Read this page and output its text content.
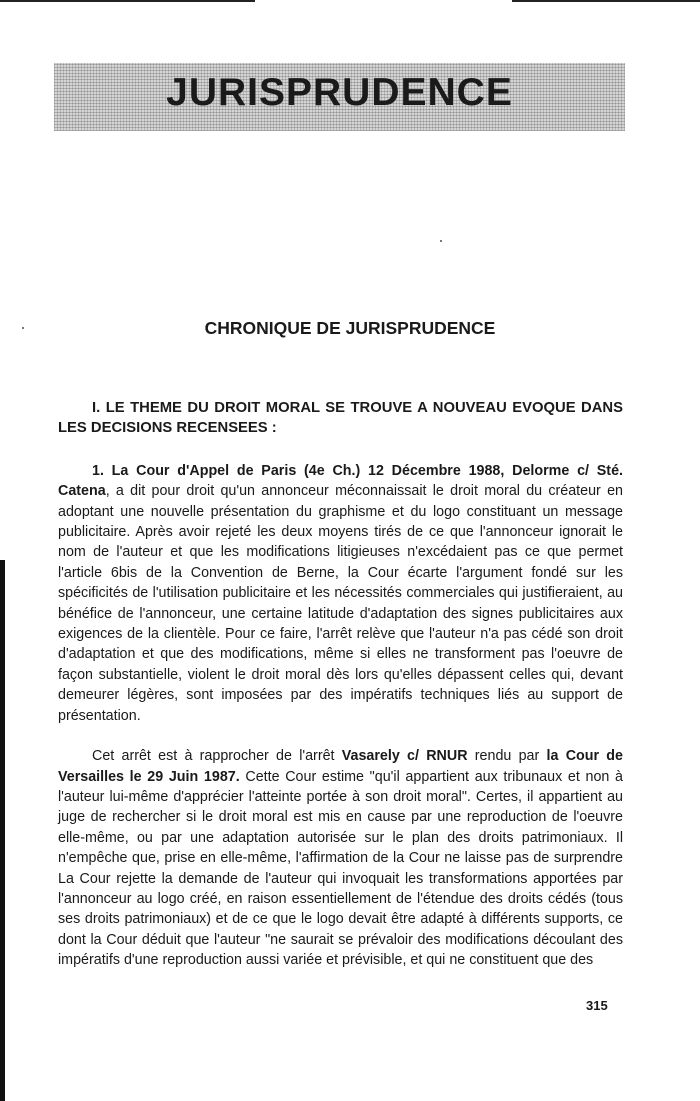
JURISPRUDENCE
CHRONIQUE DE JURISPRUDENCE

I. LE THEME DU DROIT MORAL SE TROUVE A NOUVEAU EVOQUE DANS LES DECISIONS RECENSEES :

1. La Cour d'Appel de Paris (4e Ch.) 12 Décembre 1988, Delorme c/ Sté. Catena, a dit pour droit qu'un annonceur méconnaissait le droit moral du créateur en adoptant une nouvelle présentation du graphisme et du logo constituant un message publicitaire. Après avoir rejeté les deux moyens tirés de ce que l'annonceur ignorait le nom de l'auteur et que les modifications litigieuses n'excédaient pas ce que permet l'article 6bis de la Convention de Berne, la Cour écarte l'argument fondé sur les spécificités de l'utilisation publicitaire et les nécessités commerciales qui justifieraient, au bénéfice de l'annonceur, une certaine latitude d'adaptation des signes publicitaires aux exigences de la clientèle. Pour ce faire, l'arrêt relève que l'auteur n'a pas cédé son droit d'adaptation et que des modifications, même si elles ne transforment pas l'oeuvre de façon substantielle, violent le droit moral dès lors qu'elles dépassent celles qui, devant demeurer légères, sont imposées par des impératifs techniques liés au support de présentation.

Cet arrêt est à rapprocher de l'arrêt Vasarely c/ RNUR rendu par la Cour de Versailles le 29 Juin 1987. Cette Cour estime "qu'il appartient aux tribunaux et non à l'auteur lui-même d'apprécier l'atteinte portée à son droit moral". Certes, il appartient au juge de rechercher si le droit moral est mis en cause par une reproduction de l'oeuvre elle-même, ou par une adaptation autorisée sur le plan des droits patrimoniaux. Il n'empêche que, prise en elle-même, l'affirmation de la Cour ne laisse pas de surprendre La Cour rejette la demande de l'auteur qui invoquait les transformations apportées par l'annonceur au logo créé, en raison essentiellement de l'étendue des droits cédés (tous ses droits patrimoniaux) et de ce que le logo devait être adapté à différents supports, ce dont la Cour déduit que l'auteur "ne saurait se prévaloir des modifications découlant des impératifs d'une reproduction aussi variée et prévisible, et qui ne constituent que des

315
